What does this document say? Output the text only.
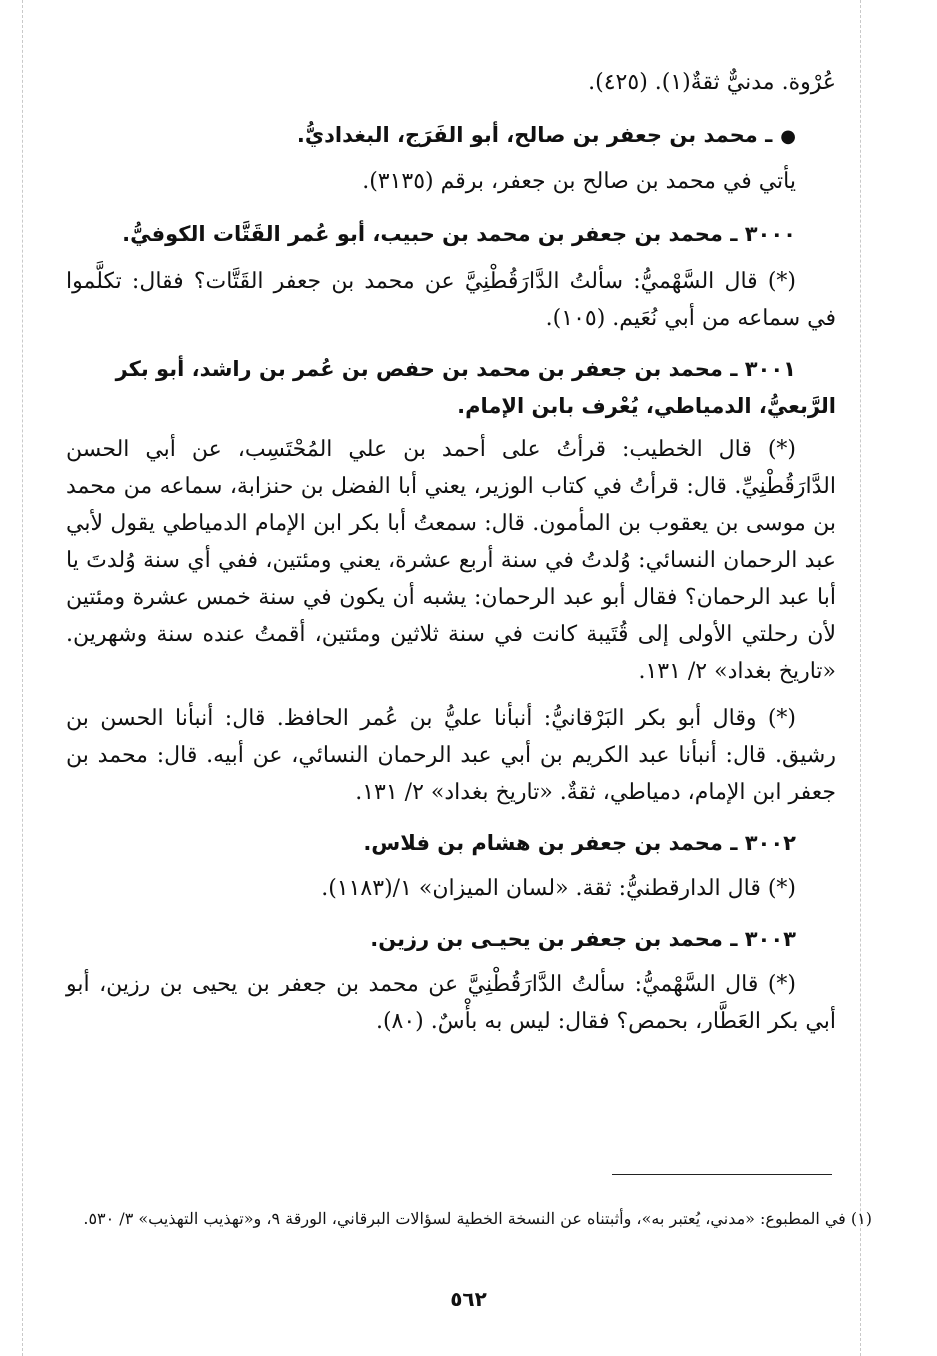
عُرْوة. مدنيٌّ ثقةٌ(١). (٤٢٥).

●ـ محمد بن جعفر بن صالح، أبو الفَرَج، البغداديُّ.

يأتي في محمد بن صالح بن جعفر، برقم (٣١٣٥).

٣٠٠٠ ـ محمد بن جعفر بن محمد بن حبيب، أبو عُمر القَتَّات الكوفيُّ.

(*) قال السَّهْميُّ: سألتُ الدَّارَقُطْنِيَّ عن محمد بن جعفر القَتَّات؟ فقال: تكلَّموا في سماعه من أبي نُعَيم. (١٠٥).

٣٠٠١ ـ محمد بن جعفر بن محمد بن حفص بن عُمر بن راشد، أبو بكر الرَّبعيُّ، الدمياطي، يُعْرف بابن الإمام.

(*) قال الخطيب: قرأتُ على أحمد بن علي المُحْتَسِب، عن أبي الحسن الدَّارَقُطْنِيِّ. قال: قرأتُ في كتاب الوزير، يعني أبا الفضل بن حنزابة، سماعه من محمد بن موسى بن يعقوب بن المأمون. قال: سمعتُ أبا بكر ابن الإمام الدمياطي يقول لأبي عبد الرحمان النسائي: وُلدتُ في سنة أربع عشرة، يعني ومئتين، ففي أي سنة وُلدتَ يا أبا عبد الرحمان؟ فقال أبو عبد الرحمان: يشبه أن يكون في سنة خمس عشرة ومئتين لأن رحلتي الأولى إلى قُتَيبة كانت في سنة ثلاثين ومئتين، أقمتُ عنده سنة وشهرين. «تاريخ بغداد» ٢/ ١٣١.

(*) وقال أبو بكر البَرْقانيُّ: أنبأنا عليُّ بن عُمر الحافظ. قال: أنبأنا الحسن بن رشيق. قال: أنبأنا عبد الكريم بن أبي عبد الرحمان النسائي، عن أبيه. قال: محمد بن جعفر ابن الإمام، دمياطي، ثقةٌ. «تاريخ بغداد» ٢/ ١٣١.

٣٠٠٢ ـ محمد بن جعفر بن هشام بن فلاس.

(*) قال الدارقطنيُّ: ثقة. «لسان الميزان» ١/(١١٨٣).

٣٠٠٣ ـ محمد بن جعفر بن يحيـى بن رزين.

(*) قال السَّهْميُّ: سألتُ الدَّارَقُطْنِيَّ عن محمد بن جعفر بن يحيى بن رزين، أبو أبي بكر العَطَّار، بحمص؟ فقال: ليس به بأْسٌ. (٨٠).

(١) في المطبوع: «مدني، يُعتبر به»، وأثبتناه عن النسخة الخطية لسؤالات البرقاني، الورقة ٩، و«تهذيب التهذيب» ٣/ ٥٣٠.

٥٦٢
